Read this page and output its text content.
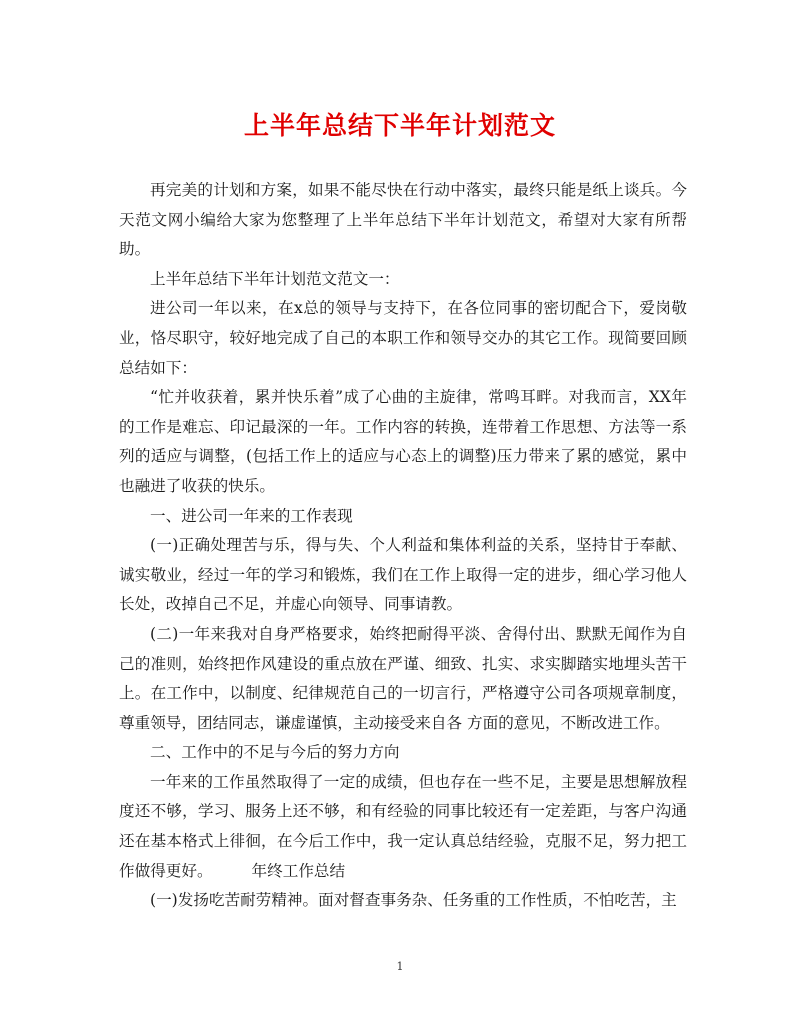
上半年总结下半年计划范文

再完美的计划和方案，如果不能尽快在行动中落实，最终只能是纸上谈兵。今天范文网小编给大家为您整理了上半年总结下半年计划范文，希望对大家有所帮助。

上半年总结下半年计划范文范文一：

进公司一年以来，在x总的领导与支持下，在各位同事的密切配合下，爱岗敬业，恪尽职守，较好地完成了自己的本职工作和领导交办的其它工作。现简要回顾总结如下：

“忙并收获着，累并快乐着”成了心曲的主旋律，常鸣耳畔。对我而言，XX年的工作是难忘、印记最深的一年。工作内容的转换，连带着工作思想、方法等一系列的适应与调整，(包括工作上的适应与心态上的调整)压力带来了累的感觉，累中也融进了收获的快乐。

一、进公司一年来的工作表现

(一)正确处理苦与乐，得与失、个人利益和集体利益的关系，坚持甘于奉献、诚实敬业，经过一年的学习和锻炼，我们在工作上取得一定的进步，细心学习他人长处，改掉自己不足，并虚心向领导、同事请教。

(二)一年来我对自身严格要求，始终把耐得平淡、舍得付出、默默无闻作为自己的准则，始终把作风建设的重点放在严谨、细致、扎实、求实脚踏实地埋头苦干上。在工作中，以制度、纪律规范自己的一切言行，严格遵守公司各项规章制度，尊重领导，团结同志，谦虚谨慎，主动接受来自各 方面的意见，不断改进工作。

二、工作中的不足与今后的努力方向

一年来的工作虽然取得了一定的成绩，但也存在一些不足，主要是思想解放程度还不够，学习、服务上还不够，和有经验的同事比较还有一定差距，与客户沟通还在基本格式上徘徊，在今后工作中，我一定认真总结经验，克服不足，努力把工作做得更好。　　　年终工作总结

(一)发扬吃苦耐劳精神。面对督查事务杂、任务重的工作性质，不怕吃苦，主

1
